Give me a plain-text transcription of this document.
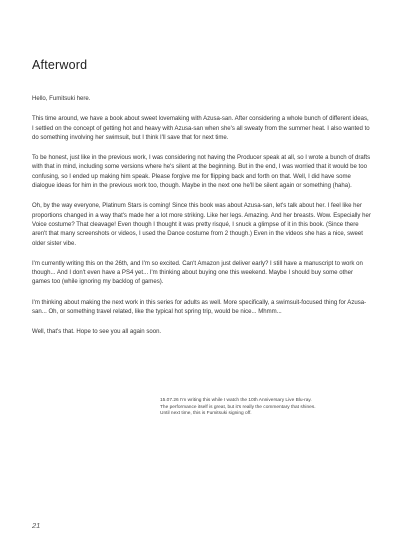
Afterword

Hello, Fumitsuki here.

This time around, we have a book about sweet lovemaking with Azusa-san. After considering a whole bunch of different ideas, I settled on the concept of getting hot and heavy with Azusa-san when she's all sweaty from the summer heat. I also wanted to do something involving her swimsuit, but I think I'll save that for next time.

To be honest, just like in the previous work, I was considering not having the Producer speak at all, so I wrote a bunch of drafts with that in mind, including some versions where he's silent at the beginning. But in the end, I was worried that it would be too confusing, so I ended up making him speak. Please forgive me for flipping back and forth on that. Well, I did have some dialogue ideas for him in the previous work too, though. Maybe in the next one he'll be silent again or something (haha).

Oh, by the way everyone, Platinum Stars is coming! Since this book was about Azusa-san, let's talk about her. I feel like her proportions changed in a way that's made her a lot more striking. Like her legs. Amazing. And her breasts. Wow. Especially her Voice costume? That cleavage! Even though I thought it was pretty risqué, I snuck a glimpse of it in this book. (Since there aren't that many screenshots or videos, I used the Dance costume from 2 though.) Even in the videos she has a nice, sweet older sister vibe.

I'm currently writing this on the 26th, and I'm so excited. Can't Amazon just deliver early? I still have a manuscript to work on though... And I don't even have a PS4 yet... I'm thinking about buying one this weekend. Maybe I should buy some other games too (while ignoring my backlog of games).

I'm thinking about making the next work in this series for adults as well. More specifically, a swimsuit-focused thing for Azusa-san... Oh, or something travel related, like the typical hot spring trip, would be nice... Mhmm...

Well, that's that. Hope to see you all again soon.

15.07.26 I'm writing this while I watch the 10th Anniversary Live Blu-ray.
The performance itself is great, but it's really the commentary that shines.
Until next time, this is Fumitsuki signing off.
21
